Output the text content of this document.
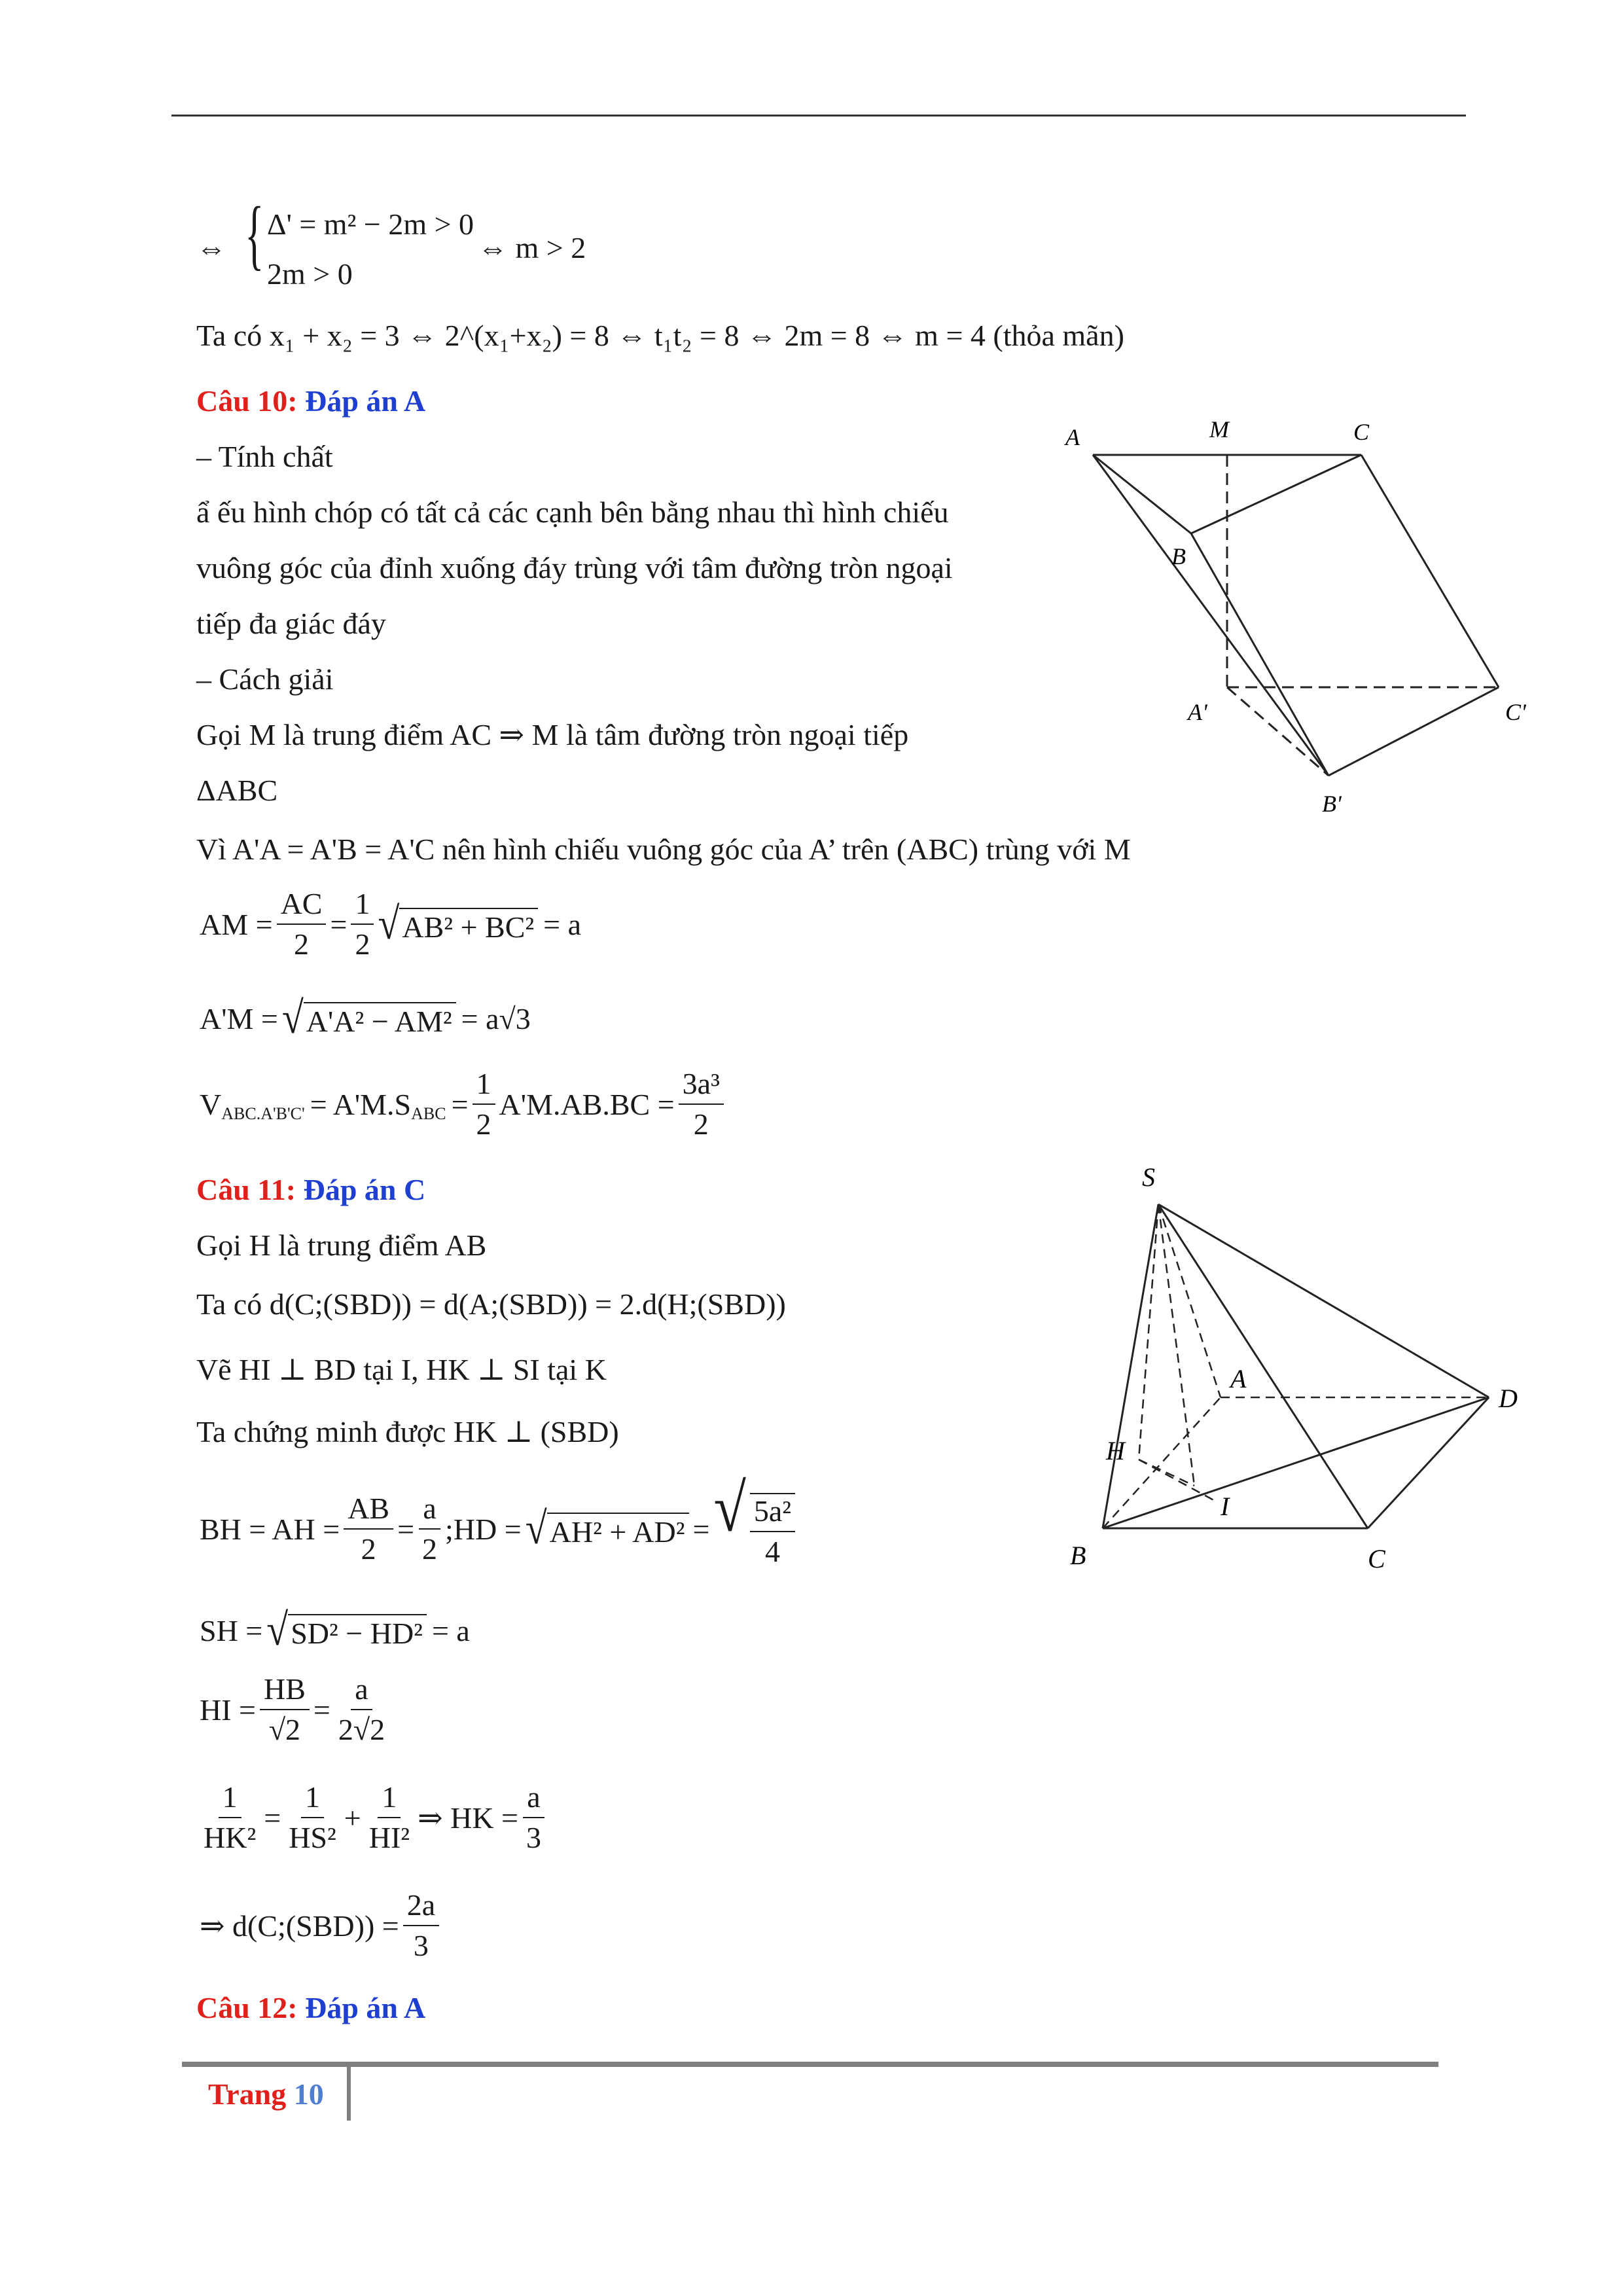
⇔ { Δ' = m² − 2m > 0
2m > 0
⇔ m > 2
Ta có x₁ + x₂ = 3 ⇔ 2^(x₁+x₂) = 8 ⇔ t₁t₂ = 8 ⇔ 2m = 8 ⇔ m = 4 (thỏa mãn)
Câu 10: Đáp án A
– Tính chất
ẩ ếu hình chóp có tất cả các cạnh bên bằng nhau thì hình chiếu
vuông góc của đỉnh xuống đáy trùng với tâm đường tròn ngoại
tiếp đa giác đáy
– Cách giải
Gọi M là trung điểm AC ⇒ M là tâm đường tròn ngoại tiếp
ΔABC
Vì A'A = A'B = A'C nên hình chiếu vuông góc của A’ trên (ABC) trùng với M
AM = $\frac{AC}{2} = \frac{1}{2}$ √ AB² + BC² = a
A'M = √ A'A² − AM² = a√3
V ABC.A'B'C' = A'M.S ABC = $\frac{1}{2} A'M.AB.BC = \frac{\text{3a³}}{2}$
A	M	C
B
A'	C'
B'
Câu 11: Đáp án C
Gọi H là trung điểm AB
Ta có d(C;(SBD)) = d(A;(SBD)) = 2.d(H;(SBD))
Vẽ HI ⊥ BD tại I, HK ⊥ SI tại K
Ta chứng minh được HK ⊥ (SBD)
BH = AH = $\frac{AB}{2} = \frac{a}{2}$ ;HD = √ AH² + AD² = √ $\frac{\text{5a²}}{4}$
SH = √ SD² − HD² = a
HI = $\frac{HB}{√2} = \frac{a}{2√2}$
$\frac{1}{\text{HK²}} = \frac{1}{\text{HS²}} + \frac{1}{\text{HI²}}$ ⇒ HK = $\frac{a}{3}$
⇒ d(C;(SBD)) = $\frac{2a}{3}$
S
A
D
H
I
B	C
Câu 12: Đáp án A
Trang 10
